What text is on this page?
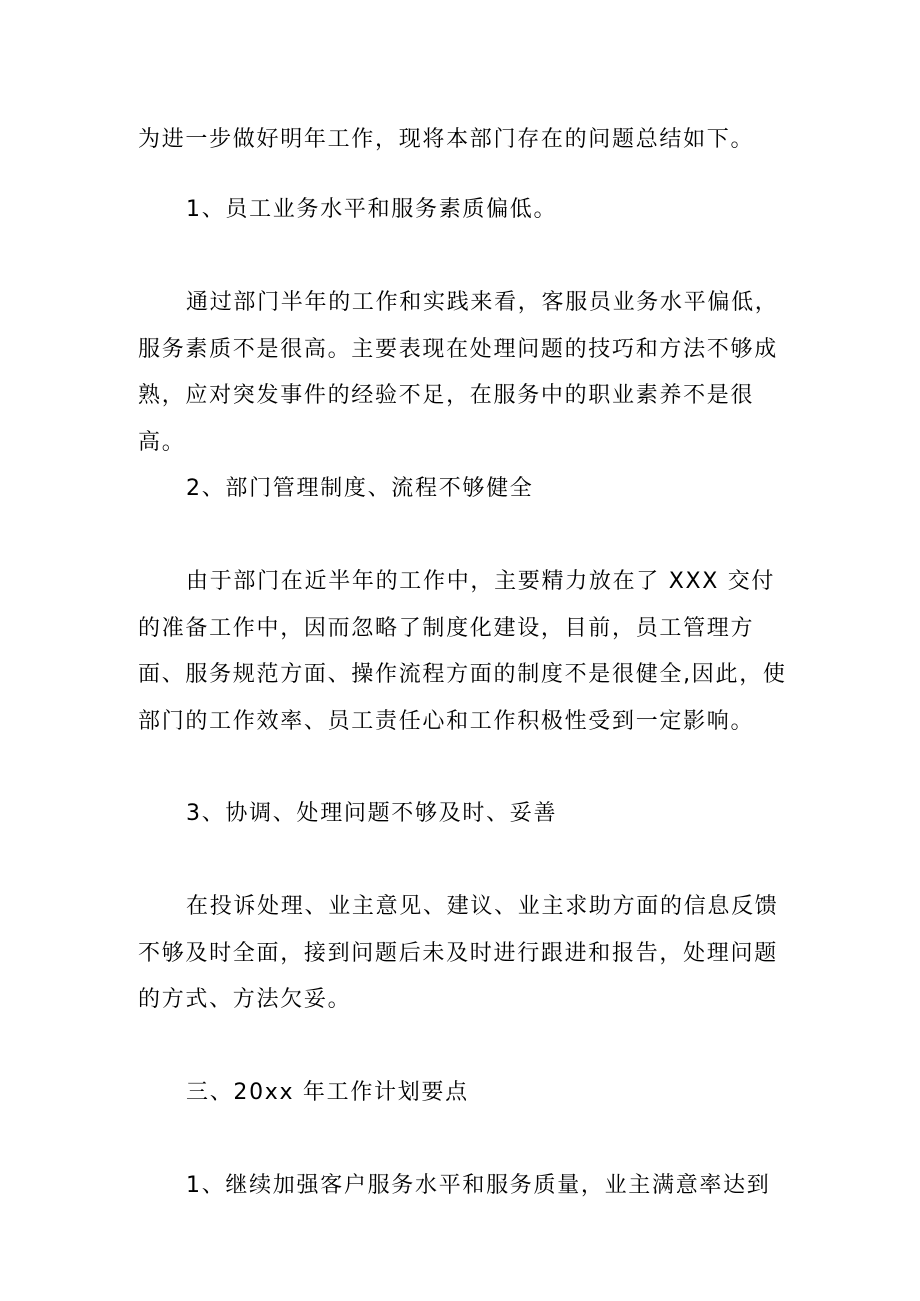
为进一步做好明年工作，现将本部门存在的问题总结如下。

1、员工业务水平和服务素质偏低。

通过部门半年的工作和实践来看，客服员业务水平偏低，服务素质不是很高。主要表现在处理问题的技巧和方法不够成熟，应对突发事件的经验不足，在服务中的职业素养不是很高。

2、部门管理制度、流程不够健全

由于部门在近半年的工作中，主要精力放在了 XXX 交付的准备工作中，因而忽略了制度化建设，目前，员工管理方面、服务规范方面、操作流程方面的制度不是很健全,因此，使部门的工作效率、员工责任心和工作积极性受到一定影响。

3、协调、处理问题不够及时、妥善

在投诉处理、业主意见、建议、业主求助方面的信息反馈不够及时全面，接到问题后未及时进行跟进和报告，处理问题的方式、方法欠妥。

三、20xx 年工作计划要点

1、继续加强客户服务水平和服务质量，业主满意率达到
